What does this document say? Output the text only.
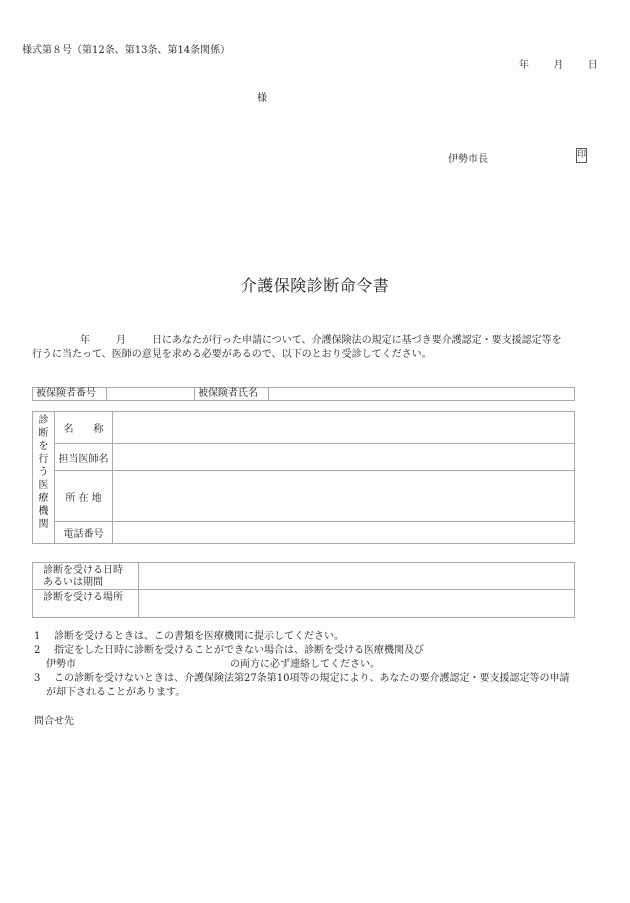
様式第８号（第12条、第13条、第14条関係）
年 月 日
様
伊勢市長	印
介護保険診断命令書
年	月	日にあなたが行った申請について、介護保険法の規定に基づき要介護認定・要支援認定等を
行うに当たって、医師の意見を求める必要があるので、以下のとおり受診してください。
被保険者番号		被保険者氏名	
診
断
を
行
う
医
療
機
関
	名　　称	
	担当医師名	
	所 在 地	
	電話番号	
診断を受ける日時
あるいは期間	

診断を受ける場所	

1 診断を受けるときは、この書類を医療機関に提示してください。
2 指定をした日時に診断を受けることができない場合は、診断を受ける医療機関及び
伊勢市	の両方に必ず連絡してください。
3 この診断を受けないときは、介護保険法第27条第10項等の規定により、あなたの要介護認定・要支援認定等の申請
が却下されることがあります。
問合せ先
